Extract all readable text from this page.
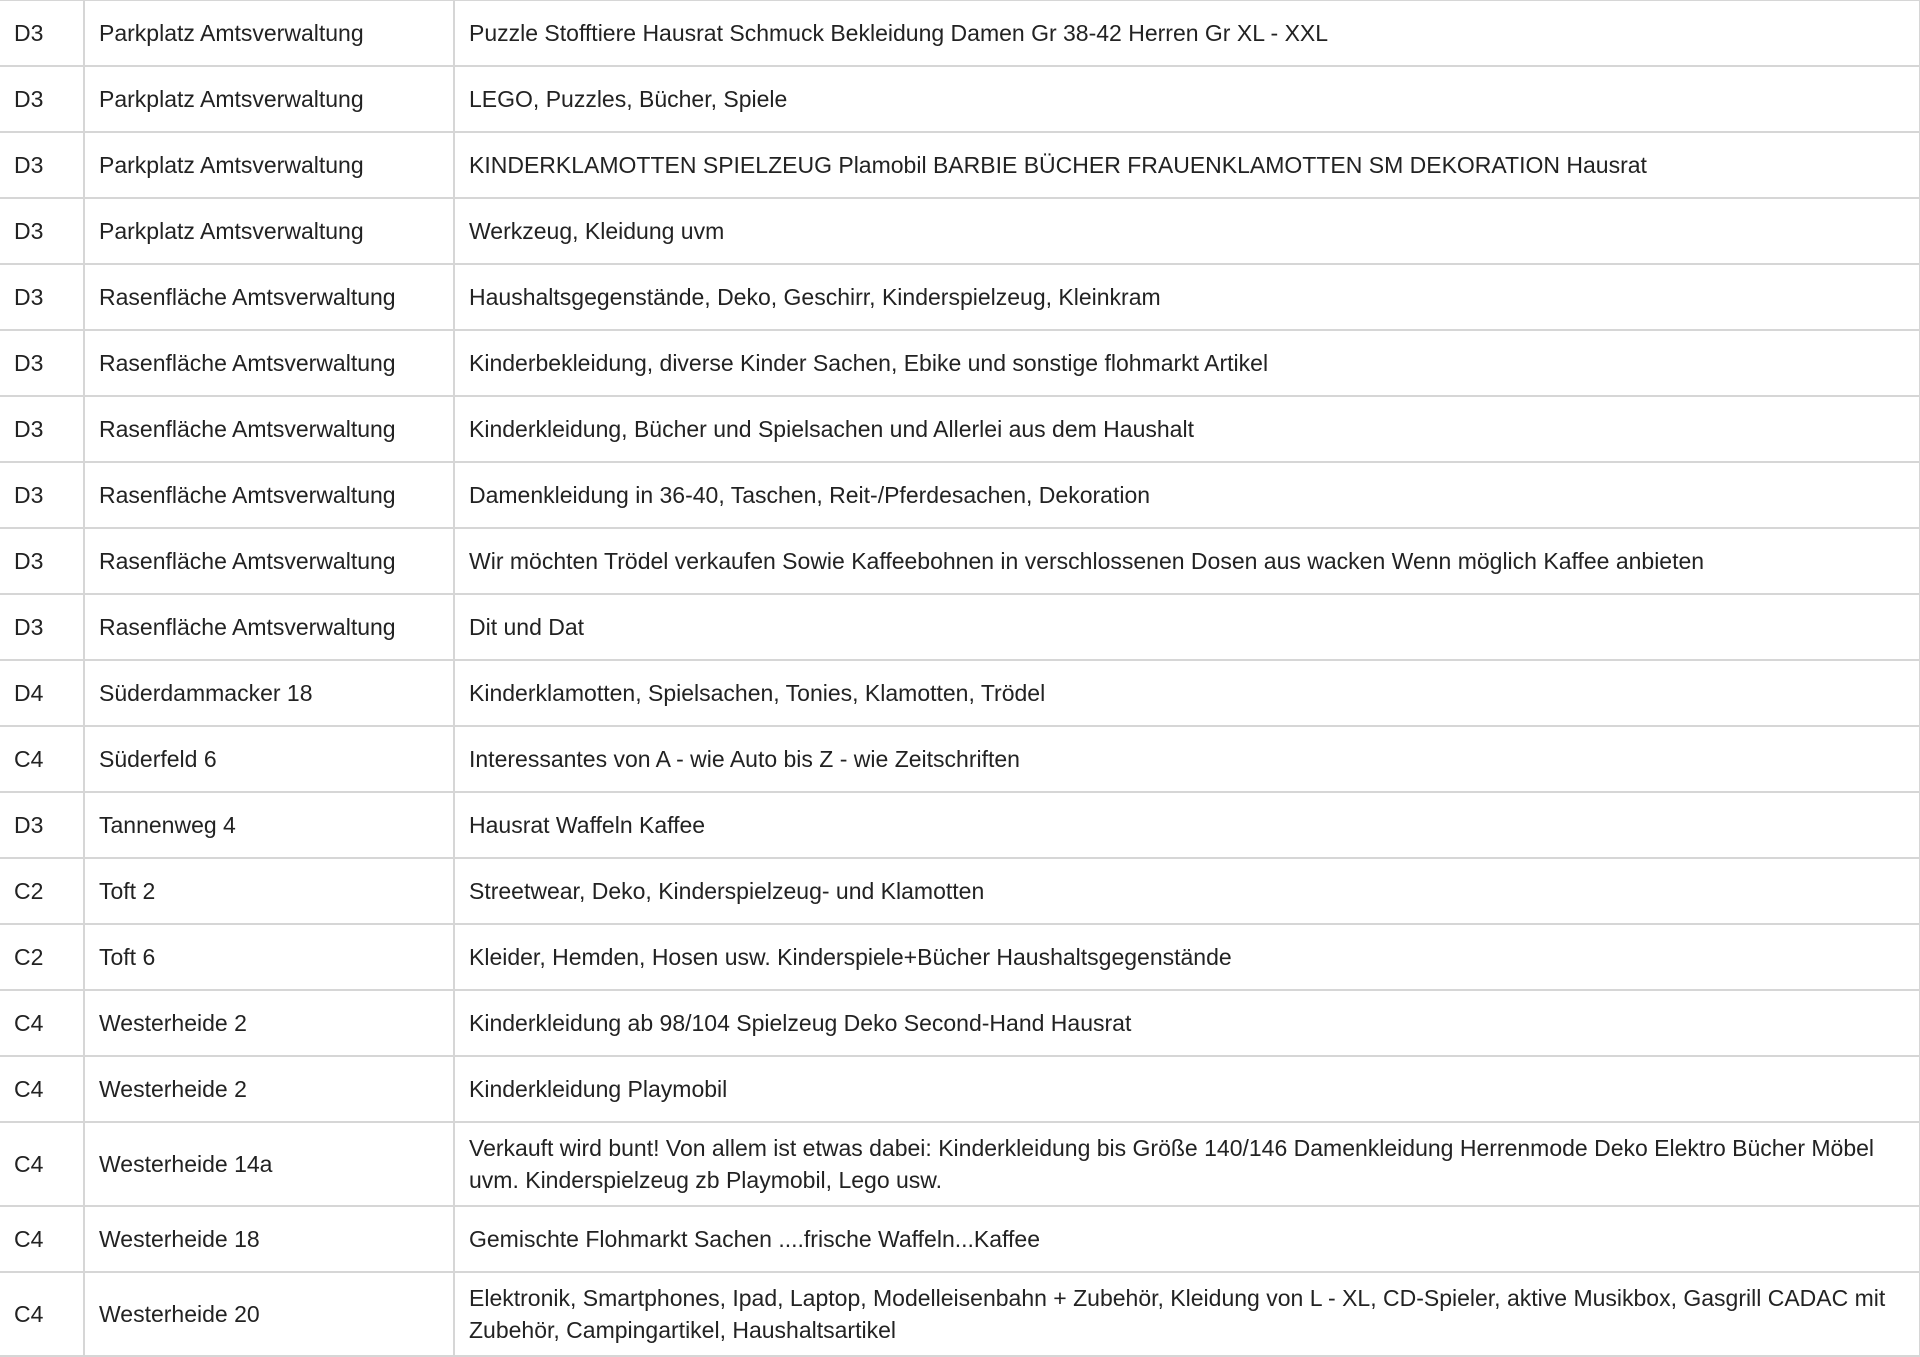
D3	Parkplatz Amtsverwaltung	Puzzle Stofftiere Hausrat Schmuck Bekleidung Damen Gr 38-42 Herren Gr XL - XXL
D3	Parkplatz Amtsverwaltung	LEGO, Puzzles, Bücher, Spiele
D3	Parkplatz Amtsverwaltung	KINDERKLAMOTTEN SPIELZEUG Plamobil BARBIE BÜCHER FRAUENKLAMOTTEN SM DEKORATION Hausrat
D3	Parkplatz Amtsverwaltung	Werkzeug, Kleidung uvm
D3	Rasenfläche Amtsverwaltung	Haushaltsgegenstände, Deko, Geschirr, Kinderspielzeug, Kleinkram
D3	Rasenfläche Amtsverwaltung	Kinderbekleidung, diverse Kinder Sachen, Ebike und sonstige flohmarkt Artikel
D3	Rasenfläche Amtsverwaltung	Kinderkleidung, Bücher und Spielsachen und Allerlei aus dem Haushalt
D3	Rasenfläche Amtsverwaltung	Damenkleidung in 36-40, Taschen, Reit-/Pferdesachen, Dekoration
D3	Rasenfläche Amtsverwaltung	Wir möchten Trödel verkaufen Sowie Kaffeebohnen in verschlossenen Dosen aus wacken Wenn möglich Kaffee anbieten
D3	Rasenfläche Amtsverwaltung	Dit und Dat
D4	Süderdammacker 18	Kinderklamotten, Spielsachen, Tonies, Klamotten, Trödel
C4	Süderfeld 6	Interessantes von A - wie Auto bis Z - wie Zeitschriften
D3	Tannenweg 4	Hausrat Waffeln Kaffee
C2	Toft 2	Streetwear, Deko, Kinderspielzeug- und Klamotten
C2	Toft 6	Kleider, Hemden, Hosen usw. Kinderspiele+Bücher Haushaltsgegenstände
C4	Westerheide 2	Kinderkleidung ab 98/104 Spielzeug Deko Second-Hand Hausrat
C4	Westerheide 2	Kinderkleidung Playmobil
C4	Westerheide 14a	Verkauft wird bunt! Von allem ist etwas dabei: Kinderkleidung bis Größe 140/146 Damenkleidung Herrenmode Deko Elektro Bücher Möbel uvm. Kinderspielzeug zb Playmobil, Lego usw.
C4	Westerheide 18	Gemischte Flohmarkt Sachen ....frische Waffeln...Kaffee
C4	Westerheide 20	Elektronik, Smartphones, Ipad, Laptop, Modelleisenbahn + Zubehör, Kleidung von L - XL, CD-Spieler, aktive Musikbox, Gasgrill CADAC mit Zubehör, Campingartikel, Haushaltsartikel
